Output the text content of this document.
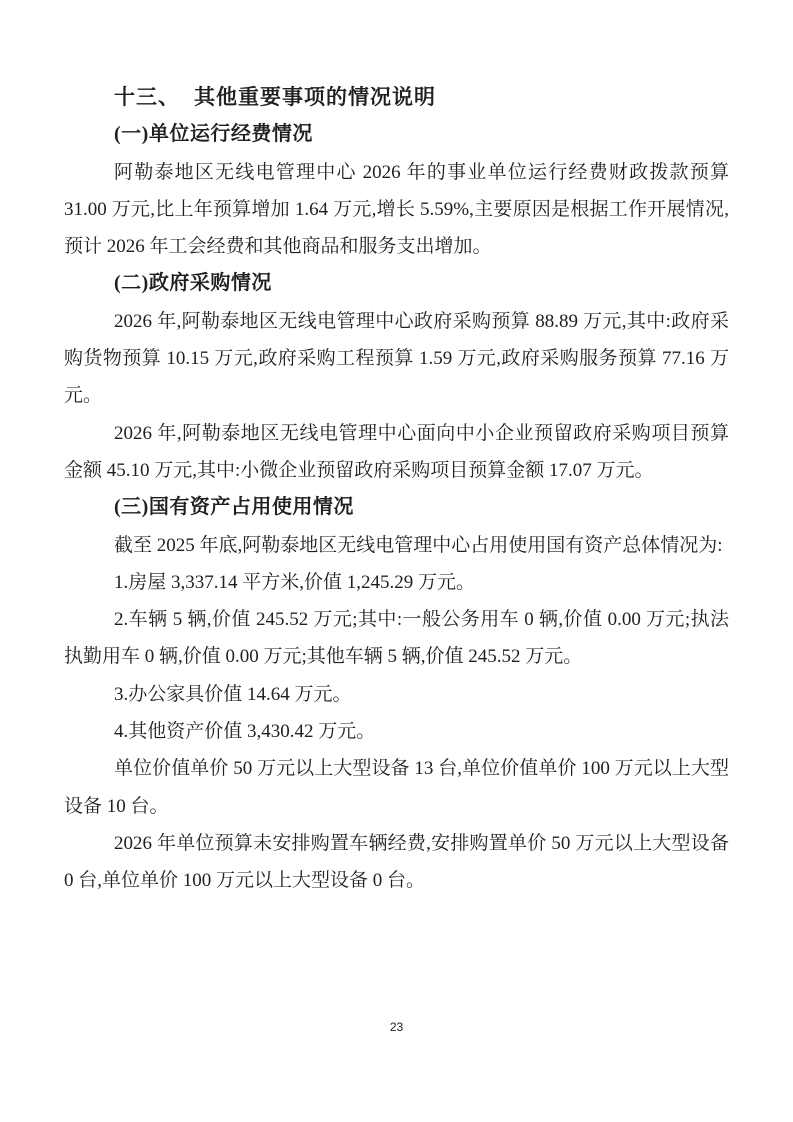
十三、 其他重要事项的情况说明

(一)单位运行经费情况

阿勒泰地区无线电管理中心 2026 年的事业单位运行经费财政拨款预算 31.00 万元,比上年预算增加 1.64 万元,增长 5.59%,主要原因是根据工作开展情况,预计 2026 年工会经费和其他商品和服务支出增加。

(二)政府采购情况

2026 年,阿勒泰地区无线电管理中心政府采购预算 88.89 万元,其中:政府采购货物预算 10.15 万元,政府采购工程预算 1.59 万元,政府采购服务预算 77.16 万元。

2026 年,阿勒泰地区无线电管理中心面向中小企业预留政府采购项目预算金额 45.10 万元,其中:小微企业预留政府采购项目预算金额 17.07 万元。

(三)国有资产占用使用情况

截至 2025 年底,阿勒泰地区无线电管理中心占用使用国有资产总体情况为:

1.房屋 3,337.14 平方米,价值 1,245.29 万元。

2.车辆 5 辆,价值 245.52 万元;其中:一般公务用车 0 辆,价值 0.00 万元;执法执勤用车 0 辆,价值 0.00 万元;其他车辆 5 辆,价值 245.52 万元。

3.办公家具价值 14.64 万元。

4.其他资产价值 3,430.42 万元。

单位价值单价 50 万元以上大型设备 13 台,单位价值单价 100 万元以上大型设备 10 台。

2026 年单位预算未安排购置车辆经费,安排购置单价 50 万元以上大型设备 0 台,单位单价 100 万元以上大型设备 0 台。

23
